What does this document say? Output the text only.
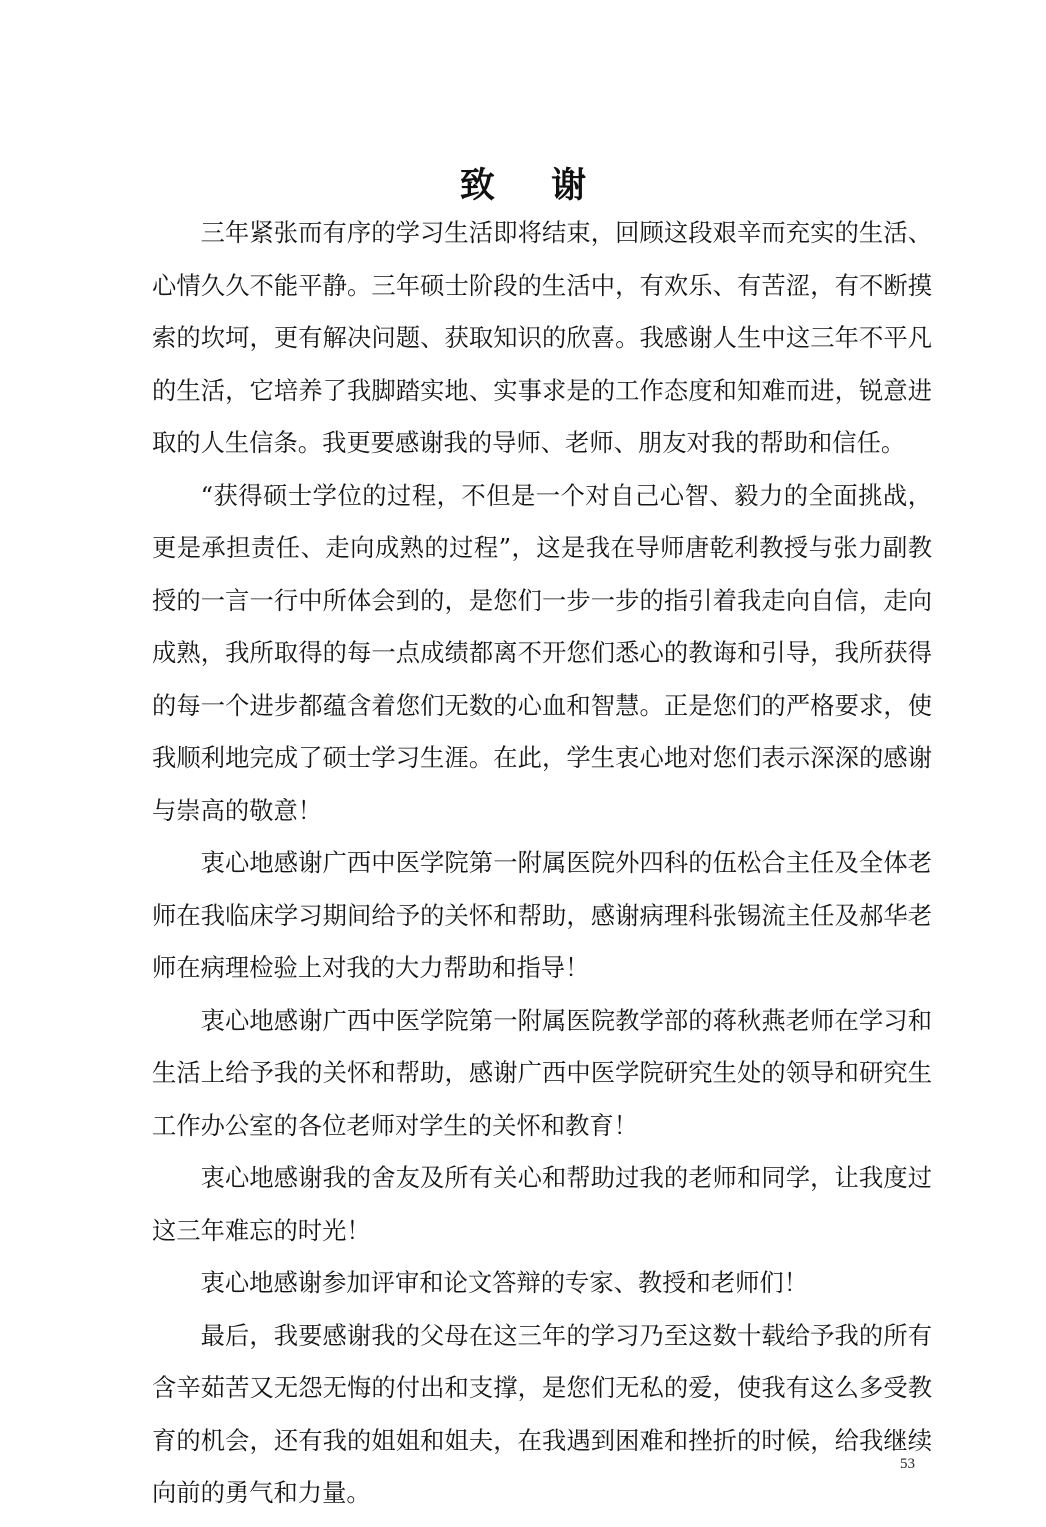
致 谢

三年紧张而有序的学习生活即将结束，回顾这段艰辛而充实的生活、心情久久不能平静。三年硕士阶段的生活中，有欢乐、有苦涩，有不断摸索的坎坷，更有解决问题、获取知识的欣喜。我感谢人生中这三年不平凡的生活，它培养了我脚踏实地、实事求是的工作态度和知难而进，锐意进取的人生信条。我更要感谢我的导师、老师、朋友对我的帮助和信任。

“获得硕士学位的过程，不但是一个对自己心智、毅力的全面挑战，更是承担责任、走向成熟的过程”，这是我在导师唐乾利教授与张力副教授的一言一行中所体会到的，是您们一步一步的指引着我走向自信，走向成熟，我所取得的每一点成绩都离不开您们悉心的教诲和引导，我所获得的每一个进步都蕴含着您们无数的心血和智慧。正是您们的严格要求，使我顺利地完成了硕士学习生涯。在此，学生衷心地对您们表示深深的感谢与崇高的敬意！

衷心地感谢广西中医学院第一附属医院外四科的伍松合主任及全体老师在我临床学习期间给予的关怀和帮助，感谢病理科张锡流主任及郝华老师在病理检验上对我的大力帮助和指导！

衷心地感谢广西中医学院第一附属医院教学部的蒋秋燕老师在学习和生活上给予我的关怀和帮助，感谢广西中医学院研究生处的领导和研究生工作办公室的各位老师对学生的关怀和教育！

衷心地感谢我的舍友及所有关心和帮助过我的老师和同学，让我度过这三年难忘的时光！

衷心地感谢参加评审和论文答辩的专家、教授和老师们！

最后，我要感谢我的父母在这三年的学习乃至这数十载给予我的所有含辛茹苦又无怨无悔的付出和支撑，是您们无私的爱，使我有这么多受教育的机会，还有我的姐姐和姐夫，在我遇到困难和挫折的时候，给我继续向前的勇气和力量。

53
